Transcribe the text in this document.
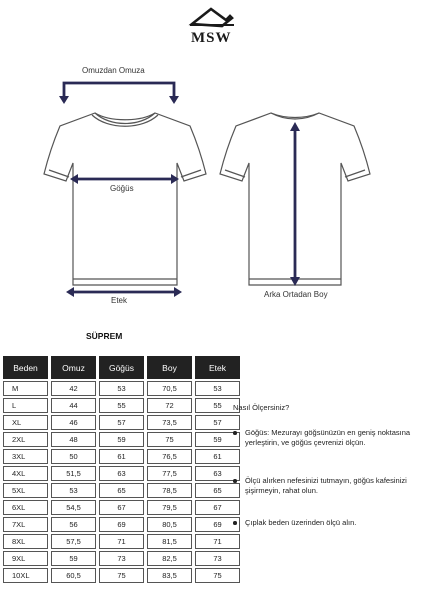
MSW
Omuzdan Omuza
Göğüs
Etek
Arka Ortadan Boy
SÜPREM
Beden	Omuz	Göğüs	Boy	Etek
M	42	53	70,5	53
L	44	55	72	55
XL	46	57	73,5	57
2XL	48	59	75	59
3XL	50	61	76,5	61
4XL	51,5	63	77,5	63
5XL	53	65	78,5	65
6XL	54,5	67	79,5	67
7XL	56	69	80,5	69
8XL	57,5	71	81,5	71
9XL	59	73	82,5	73
10XL	60,5	75	83,5	75
Nasıl Ölçersiniz?
Göğüs: Mezurayı göğsünüzün en geniş noktasına
yerleştirin, ve göğüs çevrenizi ölçün.
Ölçü alırken nefesinizi tutmayın, göğüs kafesinizi
şişirmeyin, rahat olun.
Çıplak beden üzerinden ölçü alın.
